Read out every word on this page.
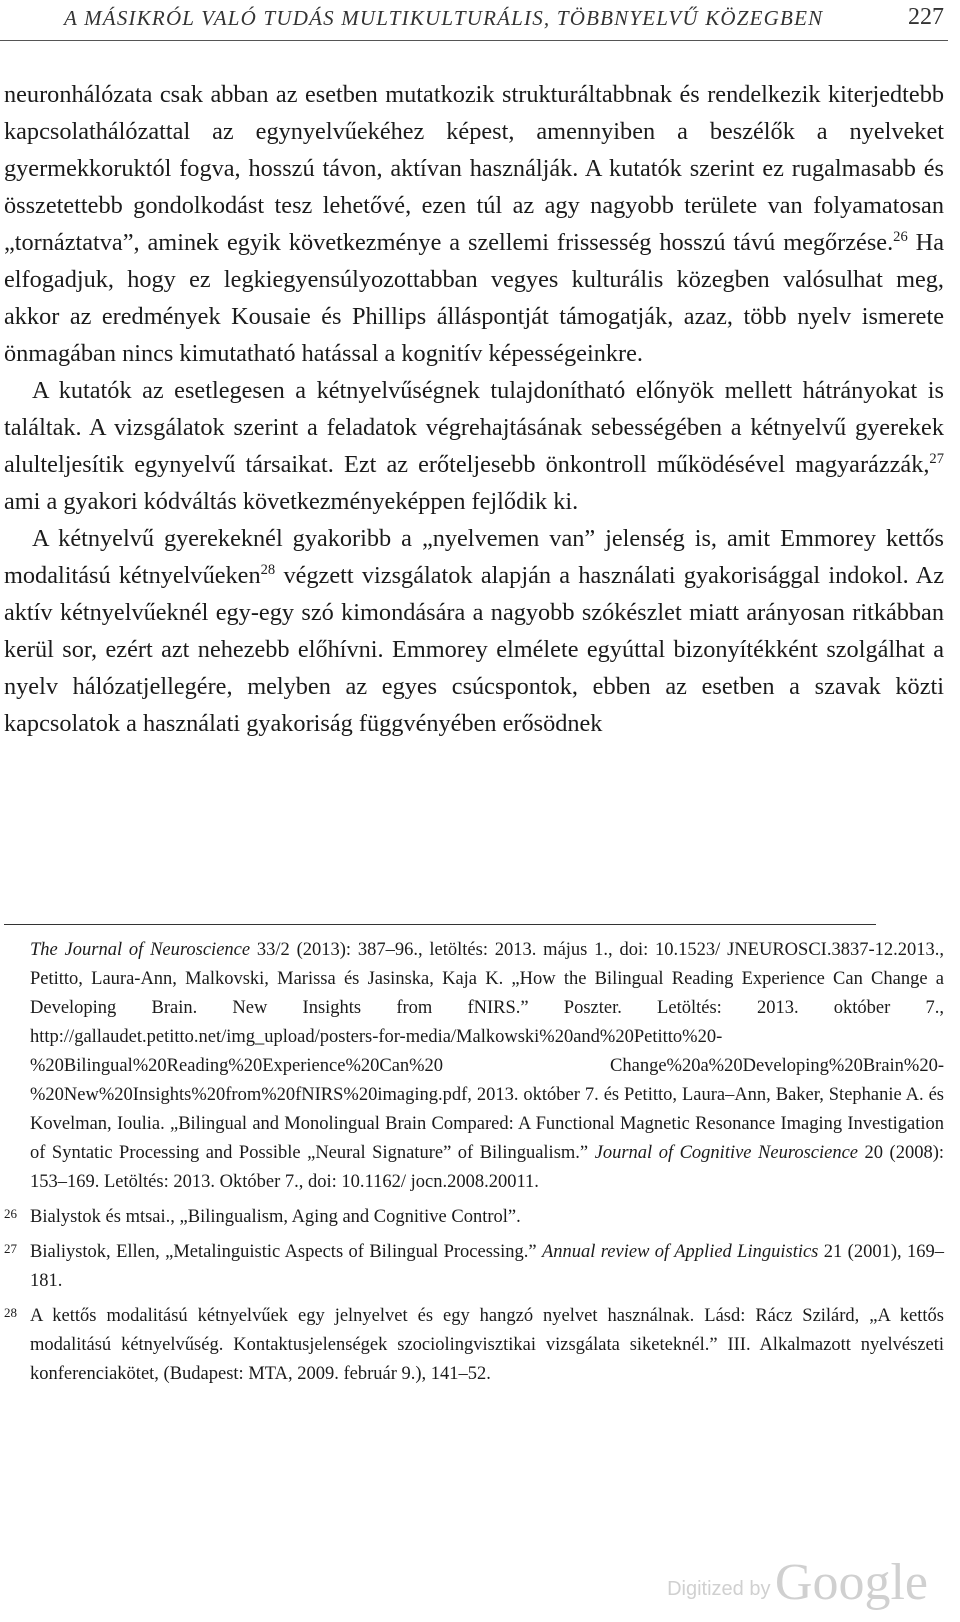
A MÁSIKRÓL VALÓ TUDÁS MULTIKULTURÁLIS, TÖBBNYELVŰ KÖZEGBEN	227

neuronhálózata csak abban az esetben mutatkozik strukturáltabbnak és rendelkezik kiterjedtebb kapcsolathálózattal az egynyelvűekéhez képest, amennyiben a beszélők a nyelveket gyermekkoruktól fogva, hosszú távon, aktívan használják. A kutatók szerint ez rugalmasabb és összetettebb gondolkodást tesz lehetővé, ezen túl az agy nagyobb területe van folyamatosan „tornáztatva”, aminek egyik következménye a szellemi frissesség hosszú távú megőrzése.$^{26}$ Ha elfogadjuk, hogy ez legkiegyensúlyozottabban vegyes kulturális közegben valósulhat meg, akkor az eredmények Kousaie és Phillips álláspontját támogatják, azaz, több nyelv ismerete önmagában nincs kimutatható hatással a kognitív képességeinkre.

A kutatók az esetlegesen a kétnyelvűségnek tulajdonítható előnyök mellett hátrányokat is találtak. A vizsgálatok szerint a feladatok végrehajtásának sebességében a kétnyelvű gyerekek alulteljesítik egynyelvű társaikat. Ezt az erőteljesebb önkontroll működésével magyarázzák,$^{27}$ ami a gyakori kódváltás következményeképpen fejlődik ki.

A kétnyelvű gyerekeknél gyakoribb a „nyelvemen van” jelenség is, amit Emmorey kettős modalitású kétnyelvűeken$^{28}$ végzett vizsgálatok alapján a használati gyakorisággal indokol. Az aktív kétnyelvűeknél egy-egy szó kimondására a nagyobb szókészlet miatt arányosan ritkábban kerül sor, ezért azt nehezebb előhívni. Emmorey elmélete egyúttal bizonyítékként szolgálhat a nyelv hálózatjellegére, melyben az egyes csúcspontok, ebben az esetben a szavak közti kapcsolatok a használati gyakoriság függvényében erősödnek

The Journal of Neuroscience 33/2 (2013): 387–96., letöltés: 2013. május 1., doi: 10.1523/ JNEUROSCI.3837-12.2013., Petitto, Laura-Ann, Malkovski, Marissa és Jasinska, Kaja K. „How the Bilingual Reading Experience Can Change a Developing Brain. New Insights from fNIRS.” Poszter. Letöltés: 2013. október 7., http://gallaudet.petitto.net/img_upload/posters-for-media/Malkowski%20and%20Petitto%20-%20Bilingual%20Reading%20Experience%20Can%20 Change%20a%20Developing%20Brain%20-%20New%20Insights%20from%20fNIRS%20imaging.pdf, 2013. október 7. és Petitto, Laura–Ann, Baker, Stephanie A. és Kovelman, Ioulia. „Bilingual and Monolingual Brain Compared: A Functional Magnetic Resonance Imaging Investigation of Syntatic Processing and Possible „Neural Signature” of Bilingualism.” Journal of Cognitive Neuroscience 20 (2008): 153–169. Letöltés: 2013. Október 7., doi: 10.1162/ jocn.2008.20011.

26 Bialystok és mtsai., „Bilingualism, Aging and Cognitive Control”.

27 Bialiystok, Ellen, „Metalinguistic Aspects of Bilingual Processing.” Annual review of Applied Linguistics 21 (2001), 169–181.

28 A kettős modalitású kétnyelvűek egy jelnyelvet és egy hangzó nyelvet használnak. Lásd: Rácz Szilárd, „A kettős modalitású kétnyelvűség. Kontaktusjelenségek szociolingvisztikai vizsgálata siketeknél.” III. Alkalmazott nyelvészeti konferenciakötet, (Budapest: MTA, 2009. február 9.), 141–52.

Digitized by Google
